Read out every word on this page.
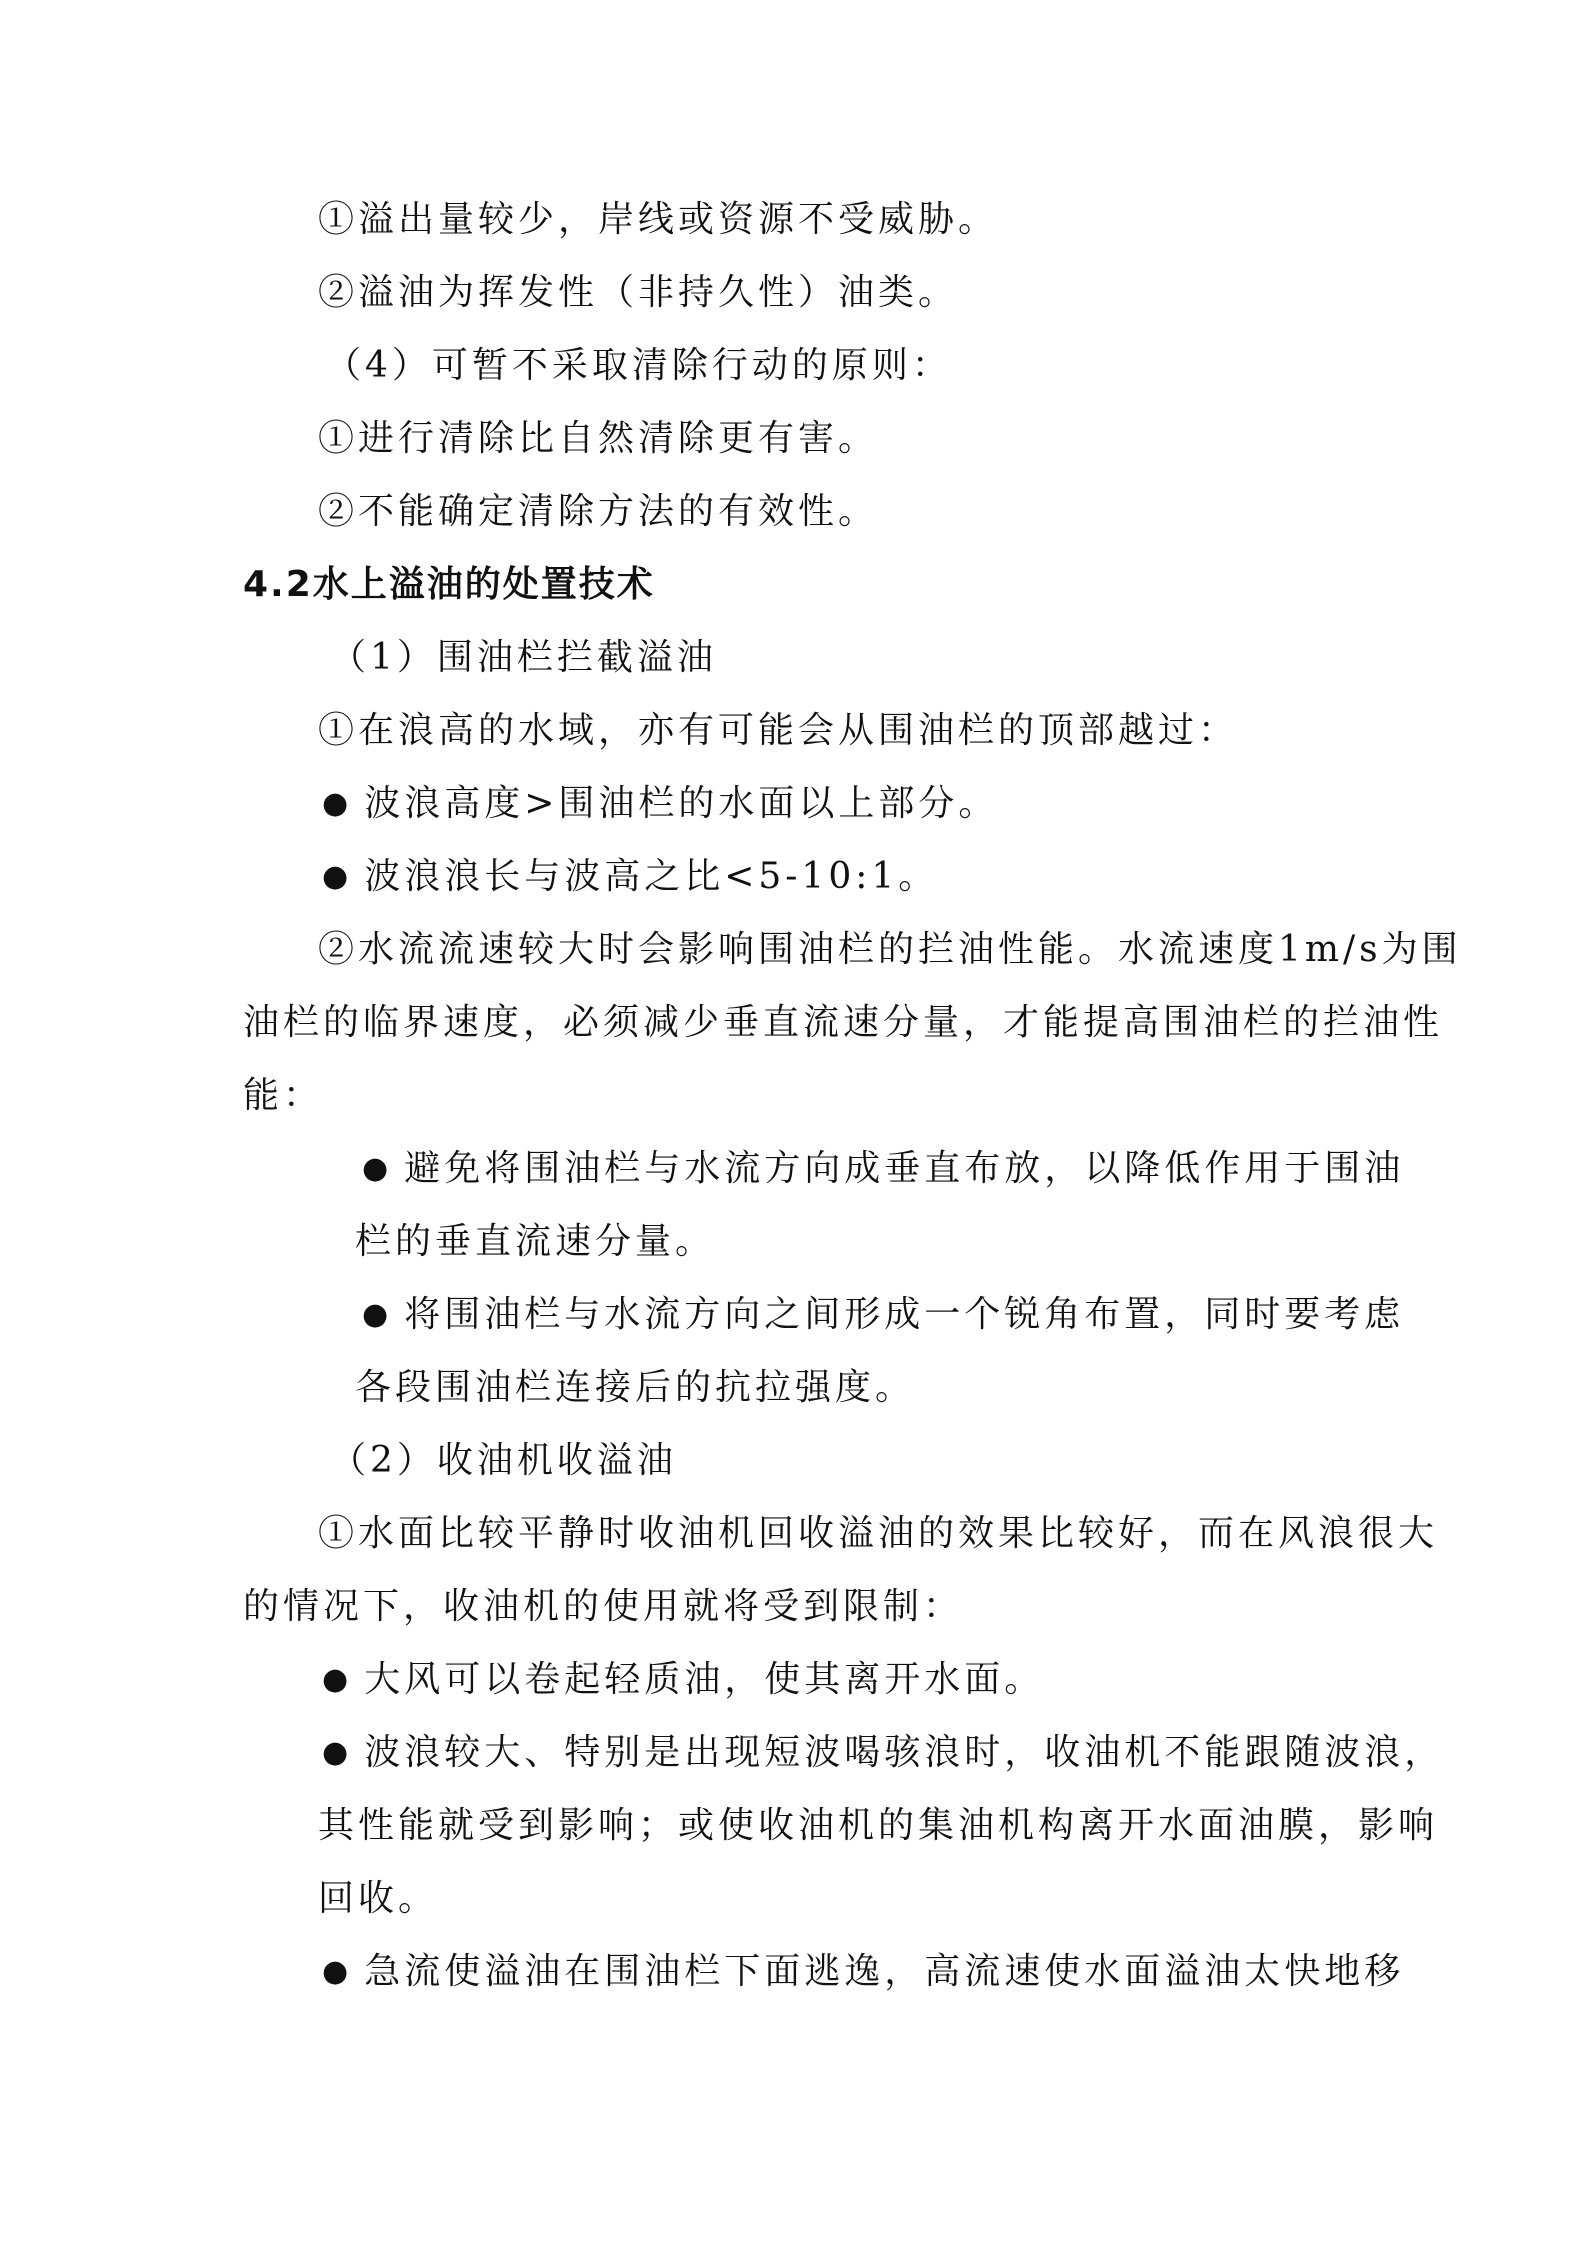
①溢出量较少，岸线或资源不受威胁。
②溢油为挥发性（非持久性）油类。
（4）可暂不采取清除行动的原则：
①进行清除比自然清除更有害。
②不能确定清除方法的有效性。
4.2水上溢油的处置技术
（1）围油栏拦截溢油
①在浪高的水域，亦有可能会从围油栏的顶部越过：
● 波浪高度>围油栏的水面以上部分。
● 波浪浪长与波高之比<5-10:1。
②水流流速较大时会影响围油栏的拦油性能。水流速度1m/s为围
油栏的临界速度，必须减少垂直流速分量，才能提高围油栏的拦油性
能：
● 避免将围油栏与水流方向成垂直布放，以降低作用于围油
栏的垂直流速分量。
● 将围油栏与水流方向之间形成一个锐角布置，同时要考虑
各段围油栏连接后的抗拉强度。
（2）收油机收溢油
①水面比较平静时收油机回收溢油的效果比较好，而在风浪很大
的情况下，收油机的使用就将受到限制：
● 大风可以卷起轻质油，使其离开水面。
● 波浪较大、特别是出现短波喝骇浪时，收油机不能跟随波浪，
其性能就受到影响；或使收油机的集油机构离开水面油膜，影响
回收。
● 急流使溢油在围油栏下面逃逸，高流速使水面溢油太快地移
